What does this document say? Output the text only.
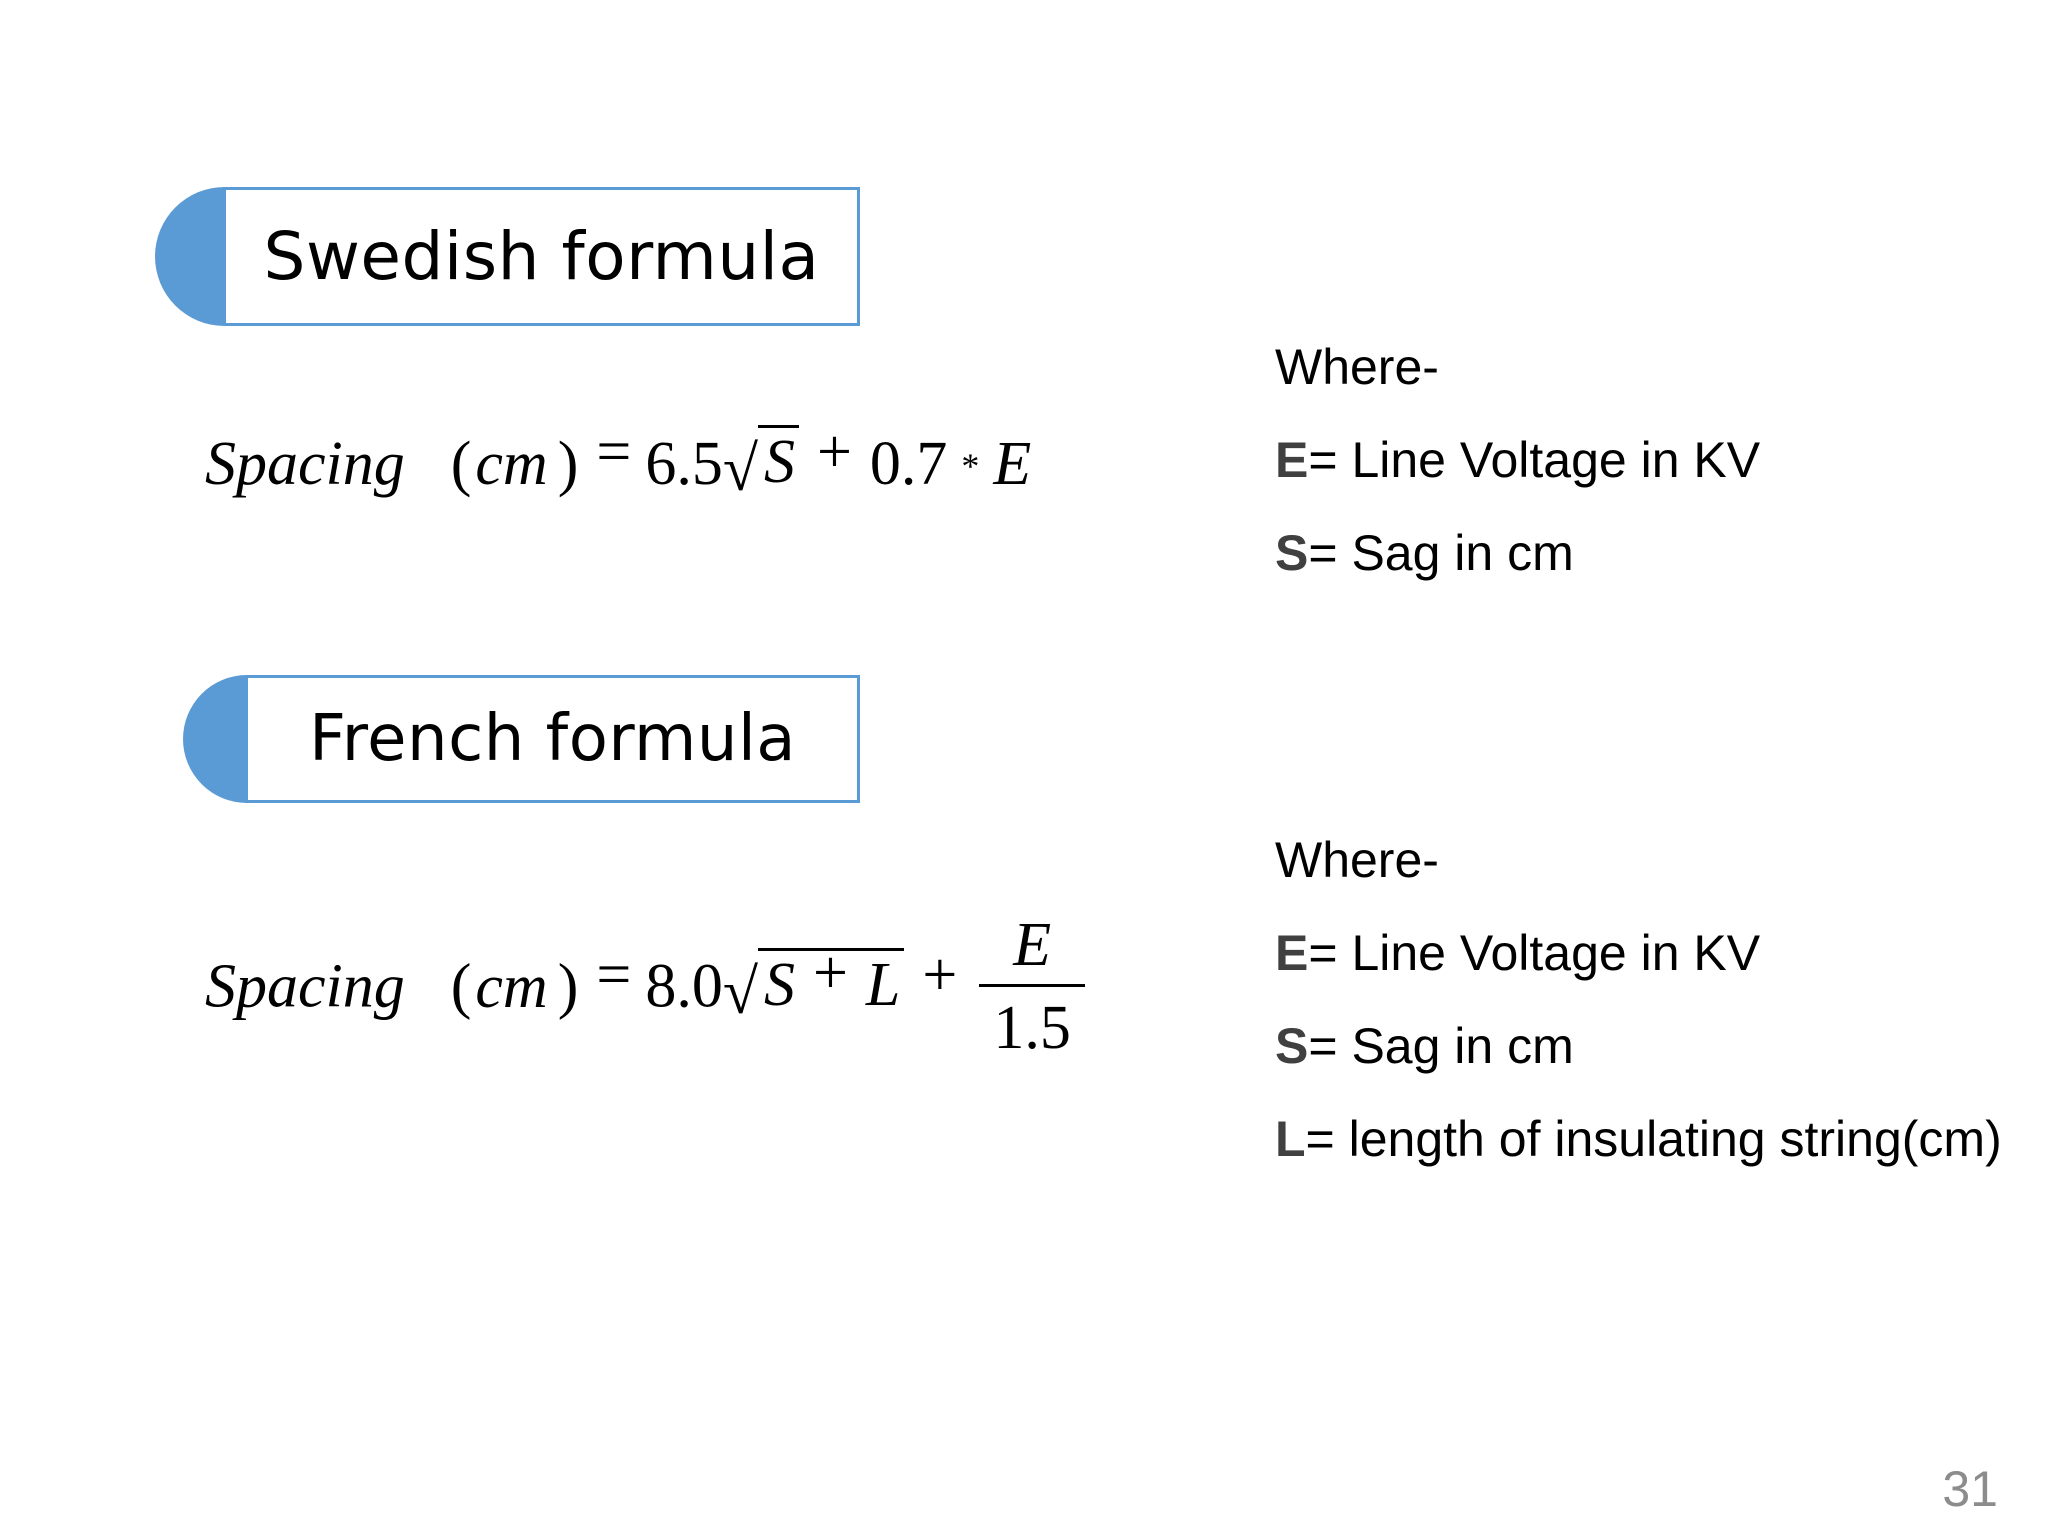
Swedish formula
Spacing (cm ) = 6.5 √ S + 0.7 * E
Where-
E= Line Voltage in KV
S= Sag in cm
French formula
Spacing (cm ) = 8.0 √ $S + L + \frac{E}{1.5}$
Where-
E= Line Voltage in KV
S= Sag in cm
L= length of insulating string(cm)
31
